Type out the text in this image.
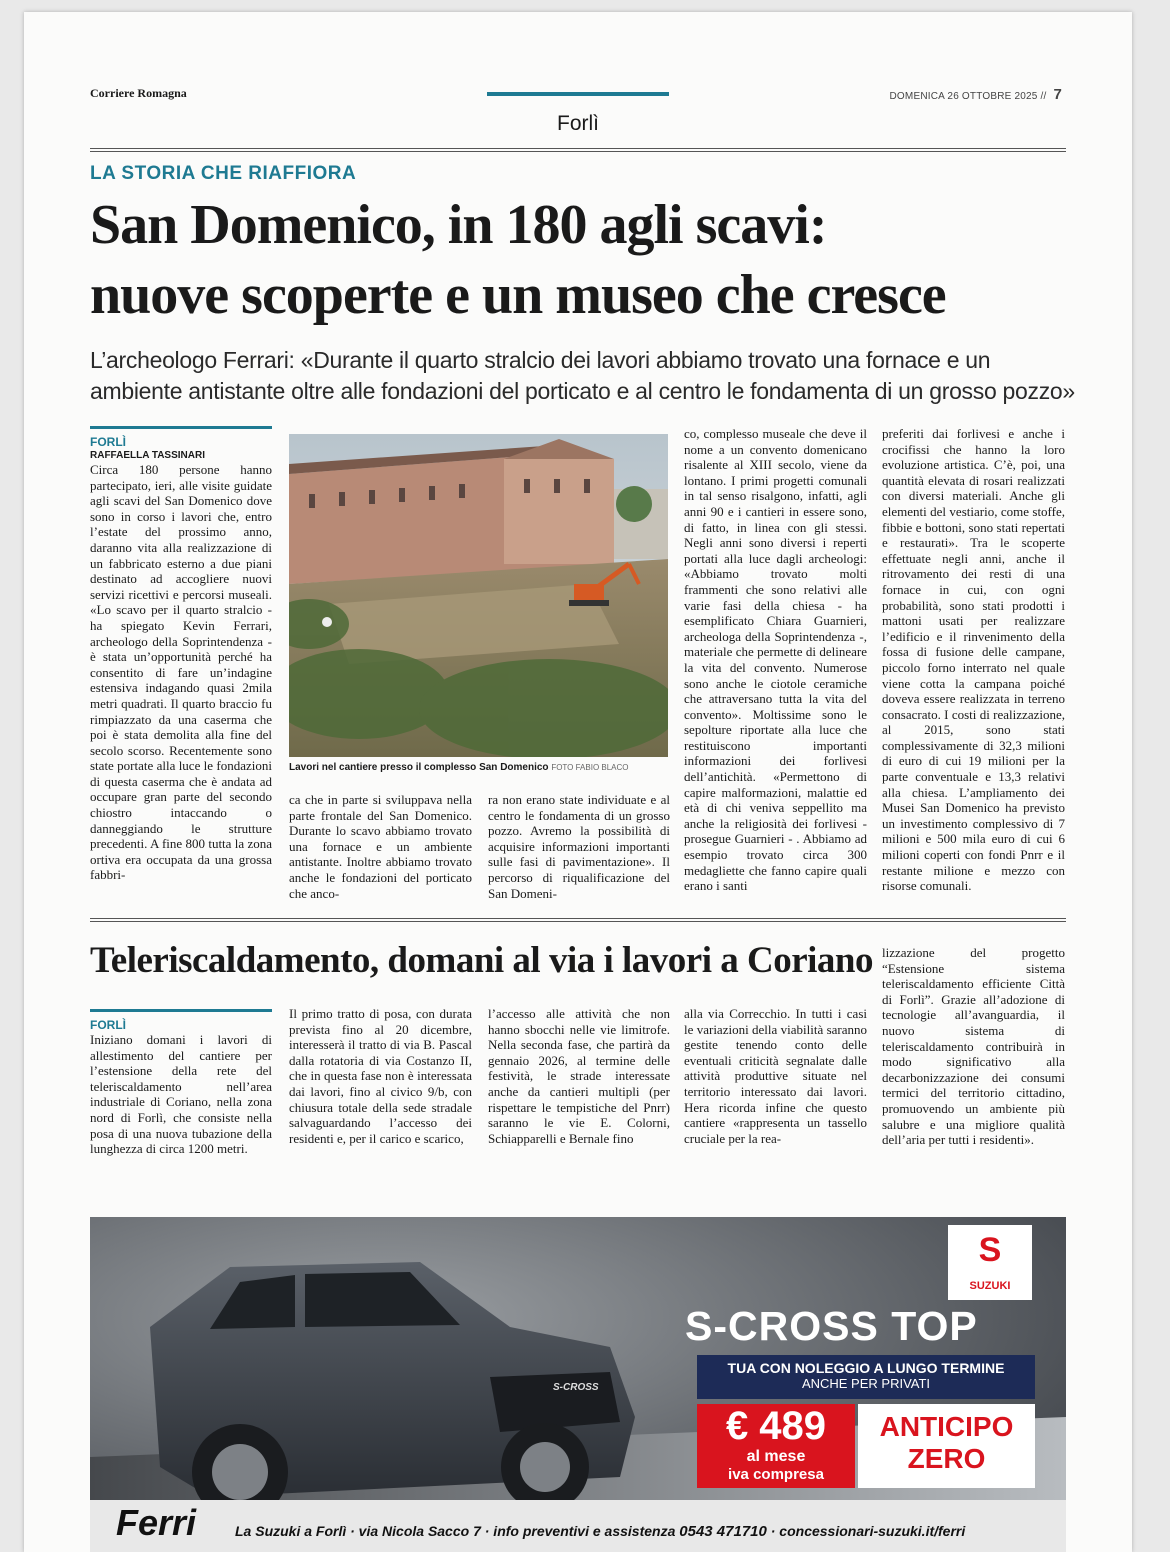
Corriere Romagna	DOMENICA 26 OTTOBRE 2025 // 7
Forlì
LA STORIA CHE RIAFFIORA
San Domenico, in 180 agli scavi:
nuove scoperte e un museo che cresce
L’archeologo Ferrari: «Durante il quarto stralcio dei lavori abbiamo trovato una fornace e un ambiente antistante oltre alle fondazioni del porticato e al centro le fondamenta di un grosso pozzo»
FORLÌ
RAFFAELLA TASSINARI

Circa 180 persone hanno partecipato, ieri, alle visite guidate agli scavi del San Domenico dove sono in corso i lavori che, entro l’estate del prossimo anno, daranno vita alla realizzazione di un fabbricato esterno a due piani destinato ad accogliere nuovi servizi ricettivi e percorsi museali. «Lo scavo per il quarto stralcio - ha spiegato Kevin Ferrari, archeologo della Soprintendenza - è stata un’opportunità perché ha consentito di fare un’indagine estensiva indagando quasi 2mila metri quadrati. Il quarto braccio fu rimpiazzato da una caserma che poi è stata demolita alla fine del secolo scorso. Recentemente sono state portate alla luce le fondazioni di questa caserma che è andata ad occupare gran parte del secondo chiostro intaccando o danneggiando le strutture precedenti. A fine 800 tutta la zona ortiva era occupata da una grossa fabbri-

Lavori nel cantiere presso il complesso San Domenico FOTO FABIO BLACO

ca che in parte si sviluppava nella parte frontale del San Domenico. Durante lo scavo abbiamo trovato una fornace e un ambiente antistante. Inoltre abbiamo trovato anche le fondazioni del porticato che anco-

ra non erano state individuate e al centro le fondamenta di un grosso pozzo. Avremo la possibilità di acquisire informazioni importanti sulle fasi di pavimentazione». Il percorso di riqualificazione del San Domeni-

co, complesso museale che deve il nome a un convento domenicano risalente al XIII secolo, viene da lontano. I primi progetti comunali in tal senso risalgono, infatti, agli anni 90 e i cantieri in essere sono, di fatto, in linea con gli stessi. Negli anni sono diversi i reperti portati alla luce dagli archeologi: «Abbiamo trovato molti frammenti che sono relativi alle varie fasi della chiesa - ha esemplificato Chiara Guarnieri, archeologa della Soprintendenza -, materiale che permette di delineare la vita del convento. Numerose sono anche le ciotole ceramiche che attraversano tutta la vita del convento». Moltissime sono le sepolture riportate alla luce che restituiscono importanti informazioni dei forlivesi dell’antichità. «Permettono di capire malformazioni, malattie ed età di chi veniva seppellito ma anche la religiosità dei forlivesi - prosegue Guarnieri - . Abbiamo ad esempio trovato circa 300 medagliette che fanno capire quali erano i santi

preferiti dai forlivesi e anche i crocifissi che hanno la loro evoluzione artistica. C’è, poi, una quantità elevata di rosari realizzati con diversi materiali. Anche gli elementi del vestiario, come stoffe, fibbie e bottoni, sono stati repertati e restaurati». Tra le scoperte effettuate negli anni, anche il ritrovamento dei resti di una fornace in cui, con ogni probabilità, sono stati prodotti i mattoni usati per realizzare l’edificio e il rinvenimento della fossa di fusione delle campane, piccolo forno interrato nel quale viene cotta la campana poiché doveva essere realizzata in terreno consacrato. I costi di realizzazione, al 2015, sono stati complessivamente di 32,3 milioni di euro di cui 19 milioni per la parte conventuale e 13,3 relativi alla chiesa. L’ampliamento dei Musei San Domenico ha previsto un investimento complessivo di 7 milioni e 500 mila euro di cui 6 milioni coperti con fondi Pnrr e il restante milione e mezzo con risorse comunali.

Teleriscaldamento, domani al via i lavori a Coriano
FORLÌ

Iniziano domani i lavori di allestimento del cantiere per l’estensione della rete del teleriscaldamento nell’area industriale di Coriano, nella zona nord di Forlì, che consiste nella posa di una nuova tubazione della lunghezza di circa 1200 metri.

Il primo tratto di posa, con durata prevista fino al 20 dicembre, interesserà il tratto di via B. Pascal dalla rotatoria di via Costanzo II, che in questa fase non è interessata dai lavori, fino al civico 9/b, con chiusura totale della sede stradale salvaguardando l’accesso dei residenti e, per il carico e scarico,

l’accesso alle attività che non hanno sbocchi nelle vie limitrofe. Nella seconda fase, che partirà da gennaio 2026, al termine delle festività, le strade interessate anche da cantieri multipli (per rispettare le tempistiche del Pnrr) saranno le vie E. Colorni, Schiapparelli e Bernale fino

alla via Correcchio. In tutti i casi le variazioni della viabilità saranno gestite tenendo conto delle eventuali criticità segnalate dalle attività produttive situate nel territorio interessato dai lavori. Hera ricorda infine che questo cantiere «rappresenta un tassello cruciale per la rea-

lizzazione del progetto “Estensione sistema teleriscaldamento efficiente Città di Forlì”. Grazie all’adozione di tecnologie all’avanguardia, il nuovo sistema di teleriscaldamento contribuirà in modo significativo alla decarbonizzazione dei consumi termici del territorio cittadino, promuovendo un ambiente più salubre e una migliore qualità dell’aria per tutti i residenti».

S-CROSS
S
SUZUKI
S-CROSS TOP
TUA CON NOLEGGIO A LUNGO TERMINE
ANCHE PER PRIVATI
€ 489
al mese
iva compresa
ANTICIPO
ZERO
Ferri	La Suzuki a Forlì · via Nicola Sacco 7 · info preventivi e assistenza 0543 471710 · concessionari-suzuki.it/ferri
